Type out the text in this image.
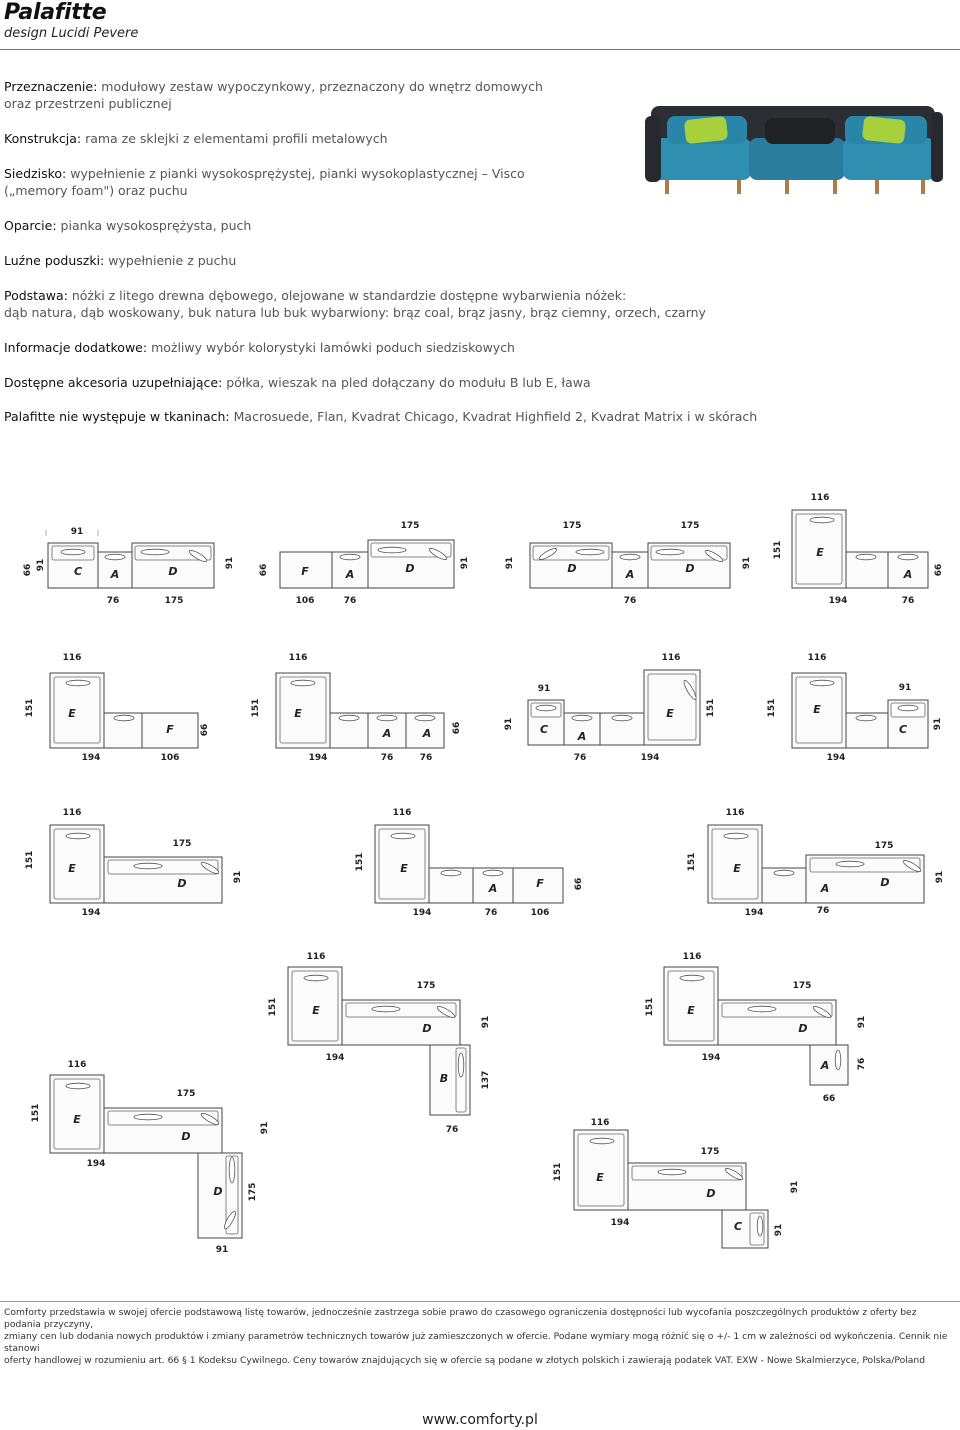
Palafitte
design Lucidi Pevere
Przeznaczenie: modułowy zestaw wypoczynkowy, przeznaczony do wnętrz domowych
oraz przestrzeni publicznej
Konstrukcja: rama ze sklejki z elementami profili metalowych
Siedzisko: wypełnienie z pianki wysokosprężystej, pianki wysokoplastycznej – Visco
(„memory foam") oraz puchu
Oparcie: pianka wysokosprężysta, puch
Luźne poduszki: wypełnienie z puchu
Podstawa: nóżki z litego drewna dębowego, olejowane w standardzie dostępne wybarwienia nóżek:
dąb natura, dąb woskowany, buk natura lub buk wybarwiony: brąz coal, brąz jasny, brąz ciemny, orzech, czarny
Informacje dodatkowe: możliwy wybór kolorystyki lamówki poduch siedziskowych
Dostępne akcesoria uzupełniające: półka, wieszak na pled dołączany do modułu B lub E, ława
Palafitte nie występuje w tkaninach: Macrosuede, Flan, Kvadrat Chicago, Kvadrat Highfield 2, Kvadrat Matrix i w skórach
C	A	D
91
66 91	91
76	175
F	A	D
175
66
91
106	76
D	A	D
175	175
91	91
76
E
A
116
151
66
194	76
E
F
116
151
66
194	106
E
A	A
116
151
66
194	76	76
C
A
E
116
91
91
151
76	194
E
C
116
91
151
91
194
E
D
116
175
151
91
194
E
A	F
116
151
66
194	76	106
E
A	D
116
175
151
91
194	76
E
D
B
116
175
151
91
194
137
76
E
D
A
116
175
151
91
194	76
66
E
D
D
116
175
151
91
194
175
91
E
D
C
116
175
151
91
194
91

Comforty przedstawia w swojej ofercie podstawową listę towarów, jednocześnie zastrzega sobie prawo do czasowego ograniczenia dostępności lub wycofania poszczególnych produktów z oferty bez podania przyczyny,
zmiany cen lub dodania nowych produktów i zmiany parametrów technicznych towarów już zamieszczonych w ofercie. Podane wymiary mogą różnić się o +/- 1 cm w zależności od wykończenia. Cennik nie stanowi
oferty handlowej w rozumieniu art. 66 § 1 Kodeksu Cywilnego. Ceny towarów znajdujących się w ofercie są podane w złotych polskich i zawierają podatek VAT. EXW - Nowe Skalmierzyce, Polska/Poland

www.comforty.pl
